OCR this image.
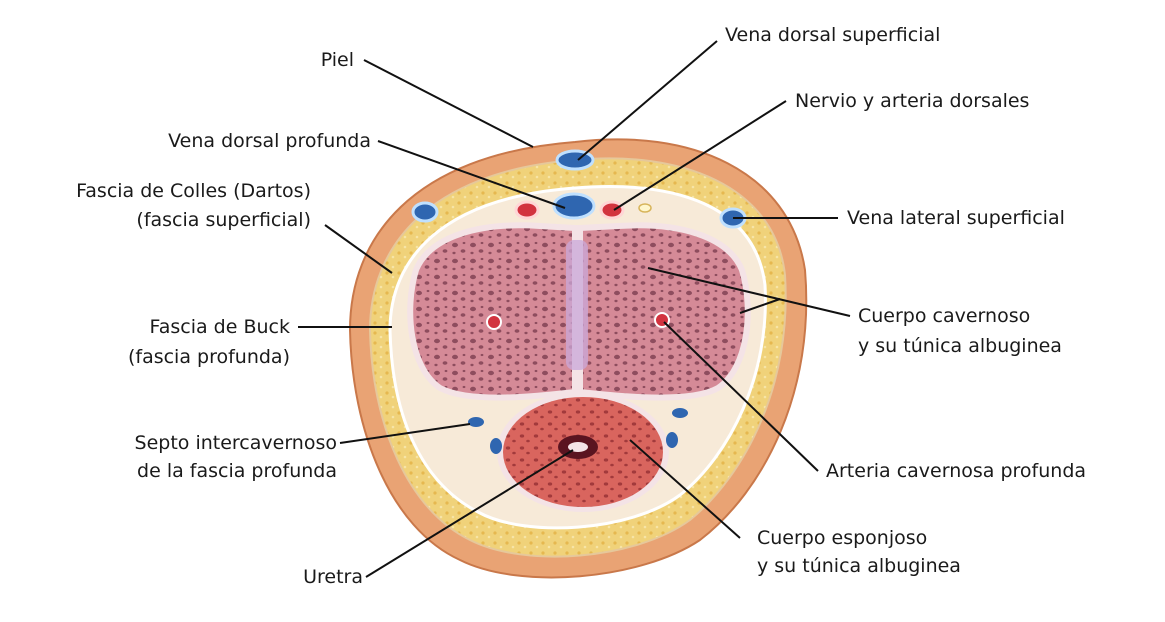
Piel
Vena dorsal superficial
Nervio y arteria dorsales
Vena dorsal profunda
Fascia de Colles (Dartos)
(fascia superficial)	Vena lateral superficial
Fascia de Buck
(fascia profunda)
Cuerpo cavernoso
y su túnica albuginea
Septo intercavernoso
de la fascia profunda	Arteria cavernosa profunda
Cuerpo esponjoso
y su túnica albuginea
Uretra
